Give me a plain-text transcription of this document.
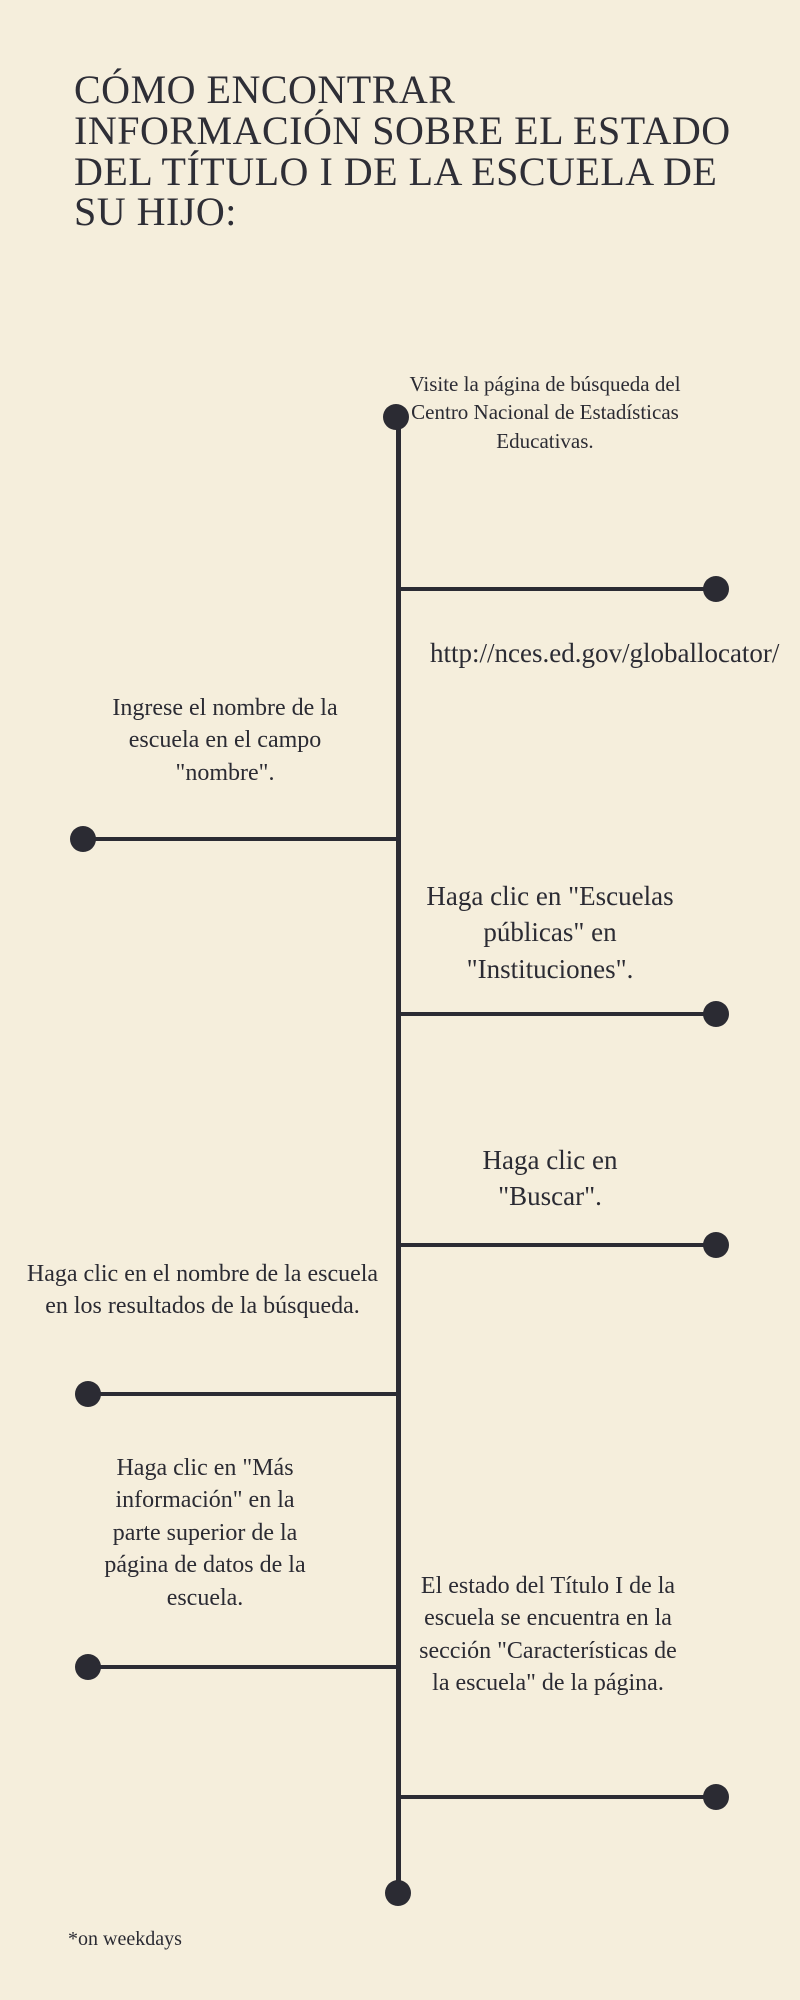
CÓMO ENCONTRAR INFORMACIÓN SOBRE EL ESTADO DEL TÍTULO I DE LA ESCUELA DE SU HIJO:
Visite la página de búsqueda del Centro Nacional de Estadísticas Educativas.
http://nces.ed.gov/globallocator/
Ingrese el nombre de la escuela en el campo "nombre".
Haga clic en "Escuelas públicas" en "Instituciones".
Haga clic en "Buscar".
Haga clic en el nombre de la escuela en los resultados de la búsqueda.
Haga clic en "Más información" en la parte superior de la página de datos de la escuela.	El estado del Título I de la escuela se encuentra en la sección "Características de la escuela" de la página.
*on weekdays
